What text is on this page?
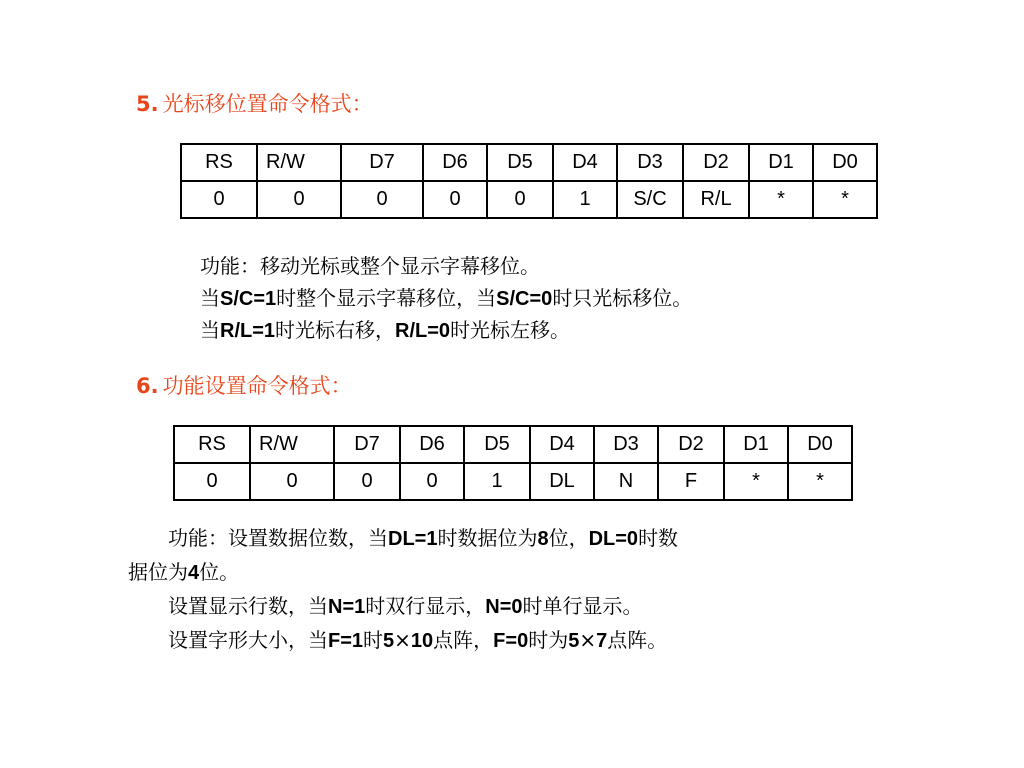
5. 光标移位置命令格式：
RS	R/W	D7	D6	D5	D4	D3	D2	D1	D0
0	0	0	0	0	1	S/C	R/L	*	*

功能：移动光标或整个显示字幕移位。

当S/C=1时整个显示字幕移位，当S/C=0时只光标移位。

当R/L=1时光标右移，R/L=0时光标左移。

6. 功能设置命令格式：
RS	R/W	D7	D6	D5	D4	D3	D2	D1	D0
0	0	0	0	1	DL	N	F	*	*

功能：设置数据位数，当DL=1时数据位为8位，DL=0时数

据位为4位。

设置显示行数，当N=1时双行显示，N=0时单行显示。

设置字形大小，当F=1时5×10点阵，F=0时为5×7点阵。
